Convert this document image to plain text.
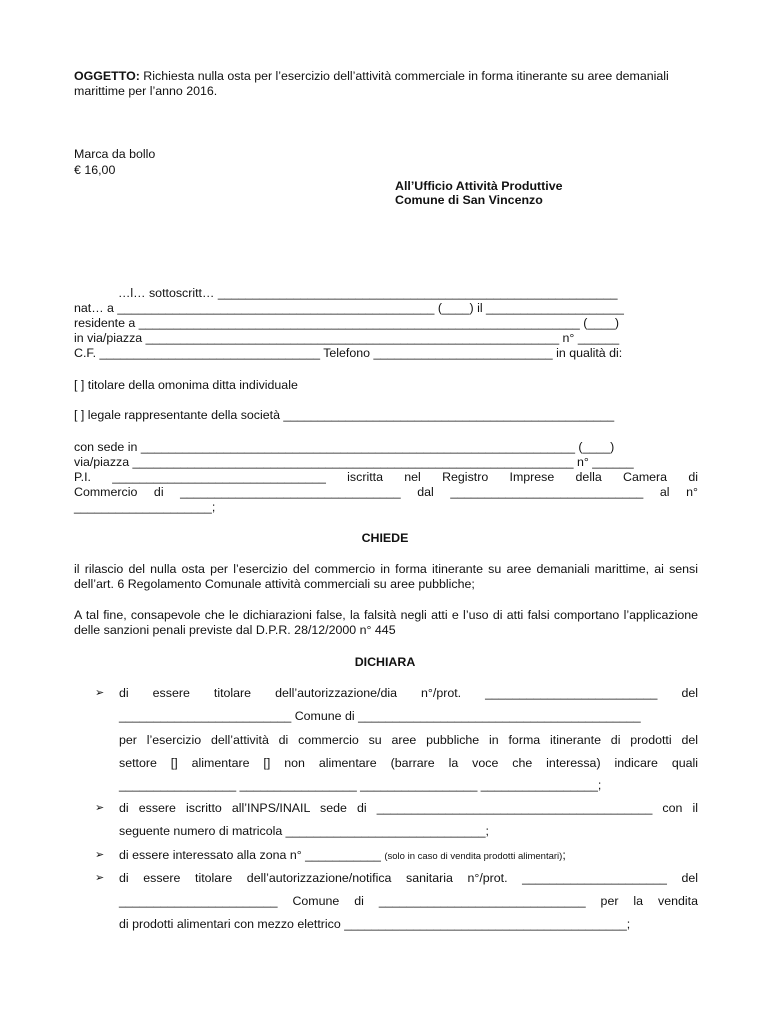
OGGETTO: Richiesta nulla osta per l’esercizio dell’attività commerciale in forma itinerante su aree demaniali marittime per l’anno 2016.

Marca da bollo
€ 16,00
All’Ufficio Attività Produttive
Comune di San Vincenzo
…l… sottoscritt… __________________________________________________________
nat… a ______________________________________________ (____) il ____________________
residente a ________________________________________________________________ (____)
in via/piazza ____________________________________________________________ n° ______
C.F. ________________________________ Telefono __________________________ in qualità di:
[ ] titolare della omonima ditta individuale
[ ] legale rappresentante della società ________________________________________________
con sede in _______________________________________________________________ (____)
via/piazza ________________________________________________________________ n° ______
P.I. _______________________________ iscritta nel Registro Imprese della Camera di
Commercio di ________________________________ dal ____________________________ al n°
____________________;
CHIEDE

il rilascio del nulla osta per l’esercizio del commercio in forma itinerante su aree demaniali marittime, ai sensi dell’art. 6 Regolamento Comunale attività commerciali su aree pubbliche;

A tal fine, consapevole che le dichiarazioni false, la falsità negli atti e l’uso di atti falsi comportano l’applicazione delle sanzioni penali previste dal D.P.R. 28/12/2000 n° 445

DICHIARA
➢ di essere titolare dell’autorizzazione/dia n°/prot. _________________________ del
_________________________ Comune di _________________________________________
per l’esercizio dell’attività di commercio su aree pubbliche in forma itinerante di prodotti del
settore [] alimentare [] non alimentare (barrare la voce che interessa) indicare quali
_________________ _________________ _________________ _________________;
➢ di essere iscritto all’INPS/INAIL sede di ________________________________________ con il
seguente numero di matricola _____________________________;
➢ di essere interessato alla zona n° ___________ (solo in caso di vendita prodotti alimentari);
➢ di essere titolare dell’autorizzazione/notifica sanitaria n°/prot. _____________________ del
_______________________ Comune di ______________________________ per la vendita
di prodotti alimentari con mezzo elettrico _________________________________________;
